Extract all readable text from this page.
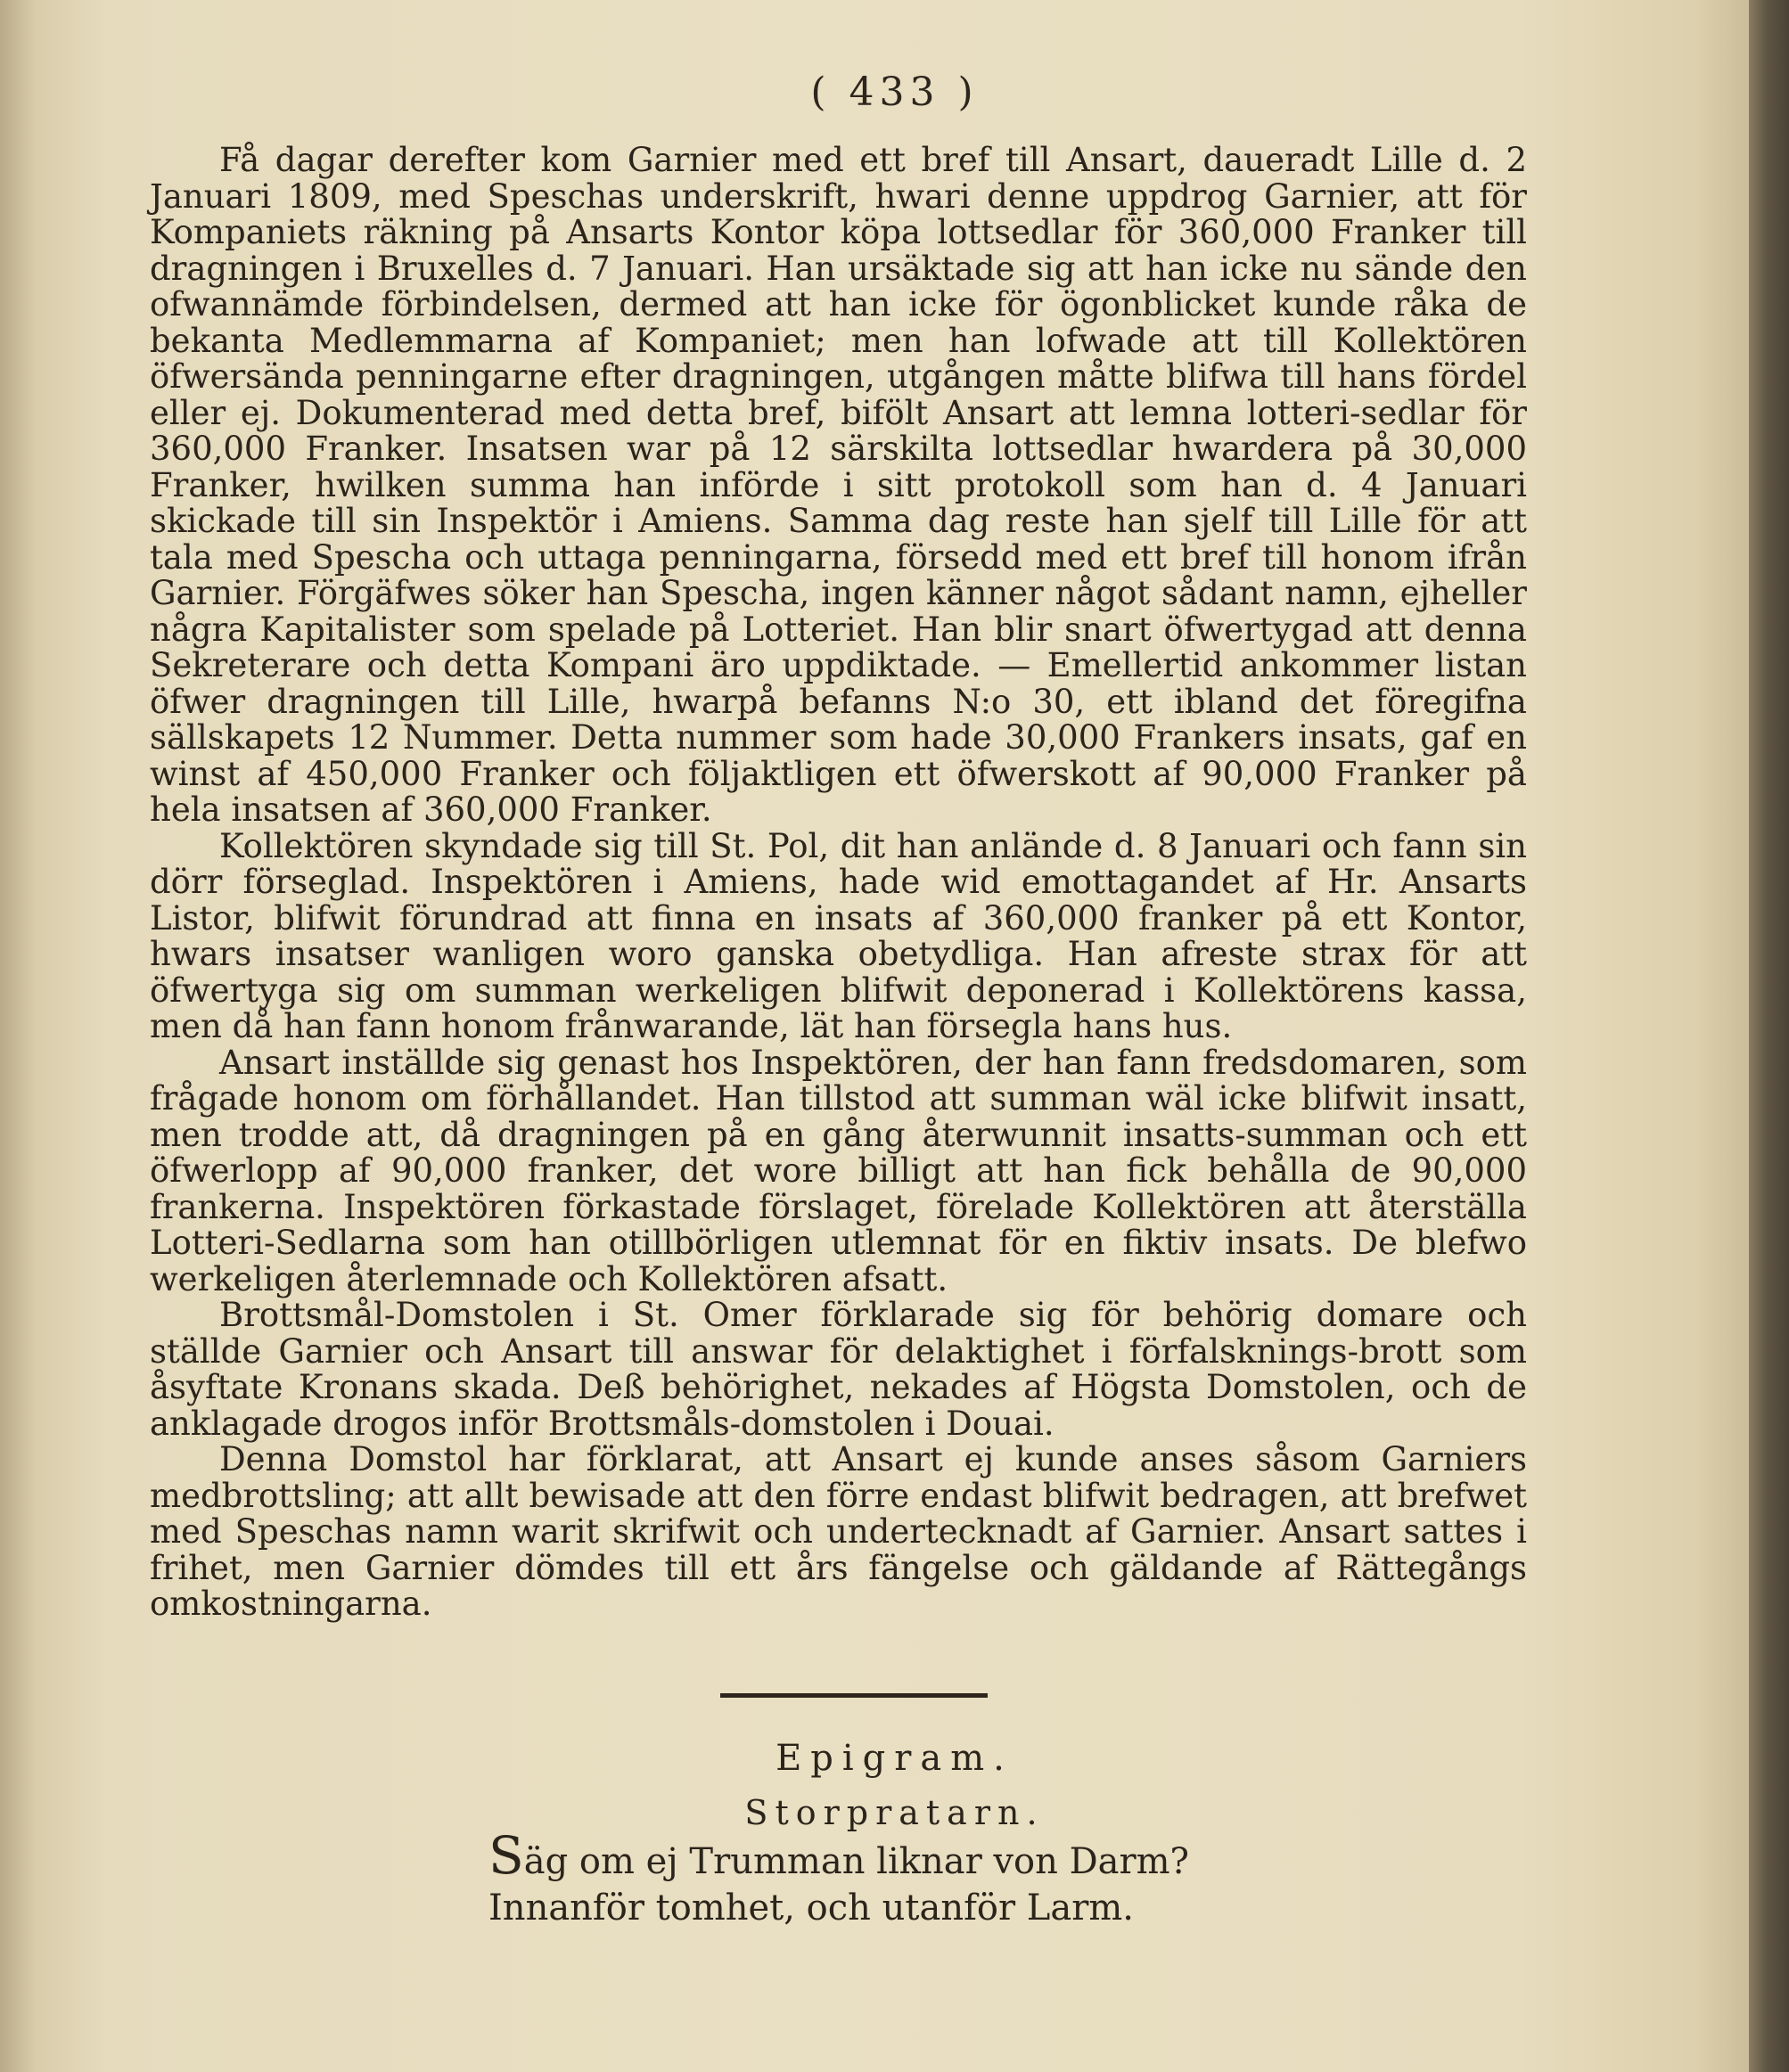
( 433 )

Få dagar derefter kom Garnier med ett bref till Ansart, daueradt Lille d. 2 Januari 1809, med Speschas underskrift, hwari denne uppdrog Garnier, att för Kompaniets räkning på Ansarts Kontor köpa lottsedlar för 360,000 Franker till dragningen i Bruxelles d. 7 Januari. Han ursäktade sig att han icke nu sände den ofwannämde förbindelsen, dermed att han icke för ögonblicket kunde råka de bekanta Medlemmarna af Kompaniet; men han lofwade att till Kollektören öfwersända penningarne efter dragningen, utgången måtte blifwa till hans fördel eller ej. Dokumenterad med detta bref, bifölt Ansart att lemna lotteri-sedlar för 360,000 Franker. Insatsen war på 12 särskilta lottsedlar hwardera på 30,000 Franker, hwilken summa han införde i sitt protokoll som han d. 4 Januari skickade till sin Inspektör i Amiens. Samma dag reste han sjelf till Lille för att tala med Spescha och uttaga penningarna, försedd med ett bref till honom ifrån Garnier. Förgäfwes söker han Spescha, ingen känner något sådant namn, ejheller några Kapitalister som spelade på Lotteriet. Han blir snart öfwertygad att denna Sekreterare och detta Kompani äro uppdiktade. — Emellertid ankommer listan öfwer dragningen till Lille, hwarpå befanns N:o 30, ett ibland det föregifna sällskapets 12 Nummer. Detta nummer som hade 30,000 Frankers insats, gaf en winst af 450,000 Franker och följaktligen ett öfwerskott af 90,000 Franker på hela insatsen af 360,000 Franker.

Kollektören skyndade sig till St. Pol, dit han anlände d. 8 Januari och fann sin dörr förseglad. Inspektören i Amiens, hade wid emottagandet af Hr. Ansarts Listor, blifwit förundrad att finna en insats af 360,000 franker på ett Kontor, hwars insatser wanligen woro ganska obetydliga. Han afreste strax för att öfwertyga sig om summan werkeligen blifwit deponerad i Kollektörens kassa, men då han fann honom frånwarande, lät han försegla hans hus.

Ansart inställde sig genast hos Inspektören, der han fann fredsdomaren, som frågade honom om förhållandet. Han tillstod att summan wäl icke blifwit insatt, men trodde att, då dragningen på en gång återwunnit insatts-summan och ett öfwerlopp af 90,000 franker, det wore billigt att han fick behålla de 90,000 frankerna. Inspektören förkastade förslaget, förelade Kollektören att återställa Lotteri-Sedlarna som han otillbörligen utlemnat för en fiktiv insats. De blefwo werkeligen återlemnade och Kollektören afsatt.

Brottsmål-Domstolen i St. Omer förklarade sig för behörig domare och ställde Garnier och Ansart till answar för delaktighet i förfalsknings-brott som åsyftate Kronans skada. Deß behörighet, nekades af Högsta Domstolen, och de anklagade drogos inför Brottsmåls-domstolen i Douai.

Denna Domstol har förklarat, att Ansart ej kunde anses såsom Garniers medbrottsling; att allt bewisade att den förre endast blifwit bedragen, att brefwet med Speschas namn warit skrifwit och undertecknadt af Garnier. Ansart sattes i frihet, men Garnier dömdes till ett års fängelse och gäldande af Rättegångs omkostningarna.

Epigram.
Storpratarn.
Säg om ej Trumman liknar von Darm?
Innanför tomhet, och utanför Larm.
